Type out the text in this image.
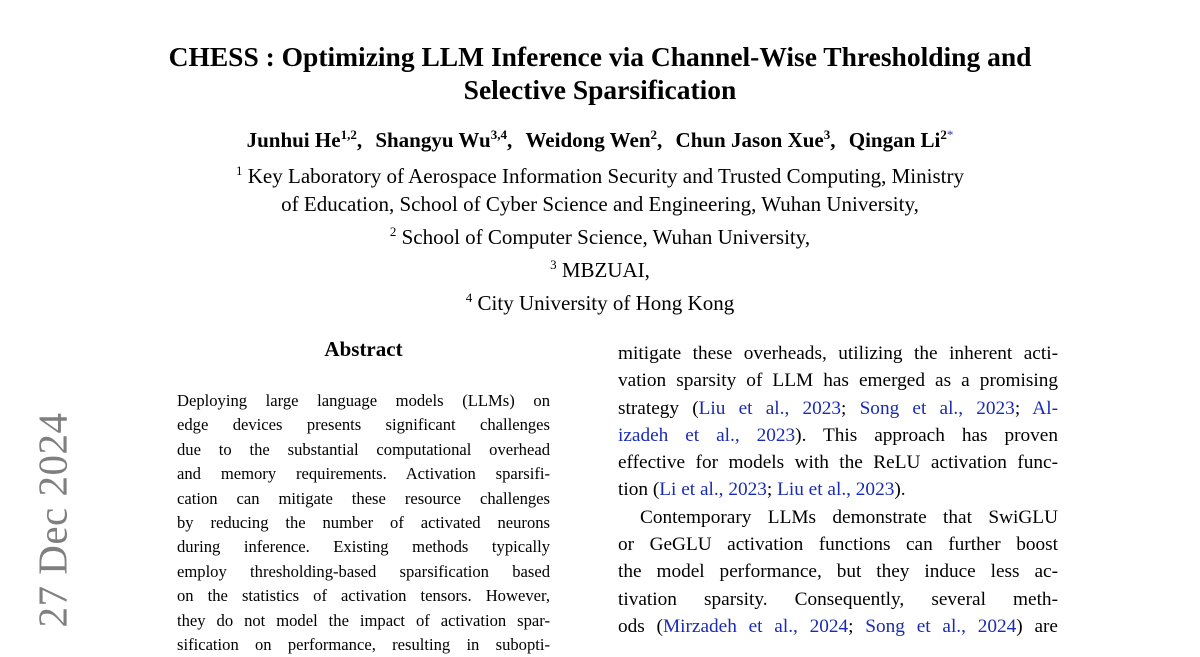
27 Dec 2024
CHESS : Optimizing LLM Inference via Channel-Wise Thresholding and
Selective Sparsification
Junhui He$^{1,2}$, Shangyu Wu$^{3,4}$, Weidong Wen$^2$, Chun Jason Xue$^3$, Qingan $Li^{2*}$
$^1$ Key Laboratory of Aerospace Information Security and Trusted Computing, Ministry
of Education, School of Cyber Science and Engineering, Wuhan University,
$^2$ School of Computer Science, Wuhan University,
$^3$ MBZUAI,
$^4$ City University of Hong Kong
Abstract
Deploying large language models (LLMs) on
edge devices presents significant challenges
due to the substantial computational overhead
and memory requirements. Activation sparsifi-
cation can mitigate these resource challenges
by reducing the number of activated neurons
during inference. Existing methods typically
employ thresholding-based sparsification based
on the statistics of activation tensors. However,
they do not model the impact of activation spar-
sification on performance, resulting in subopti-
mitigate these overheads, utilizing the inherent acti-
vation sparsity of LLM has emerged as a promising
strategy (Liu et al., 2023; Song et al., 2023; Al-
izadeh et al., 2023). This approach has proven
effective for models with the ReLU activation func-
tion (Li et al., 2023; Liu et al., 2023).
Contemporary LLMs demonstrate that SwiGLU
or GeGLU activation functions can further boost
the model performance, but they induce less ac-
tivation sparsity. Consequently, several meth-
ods (Mirzadeh et al., 2024; Song et al., 2024) are
